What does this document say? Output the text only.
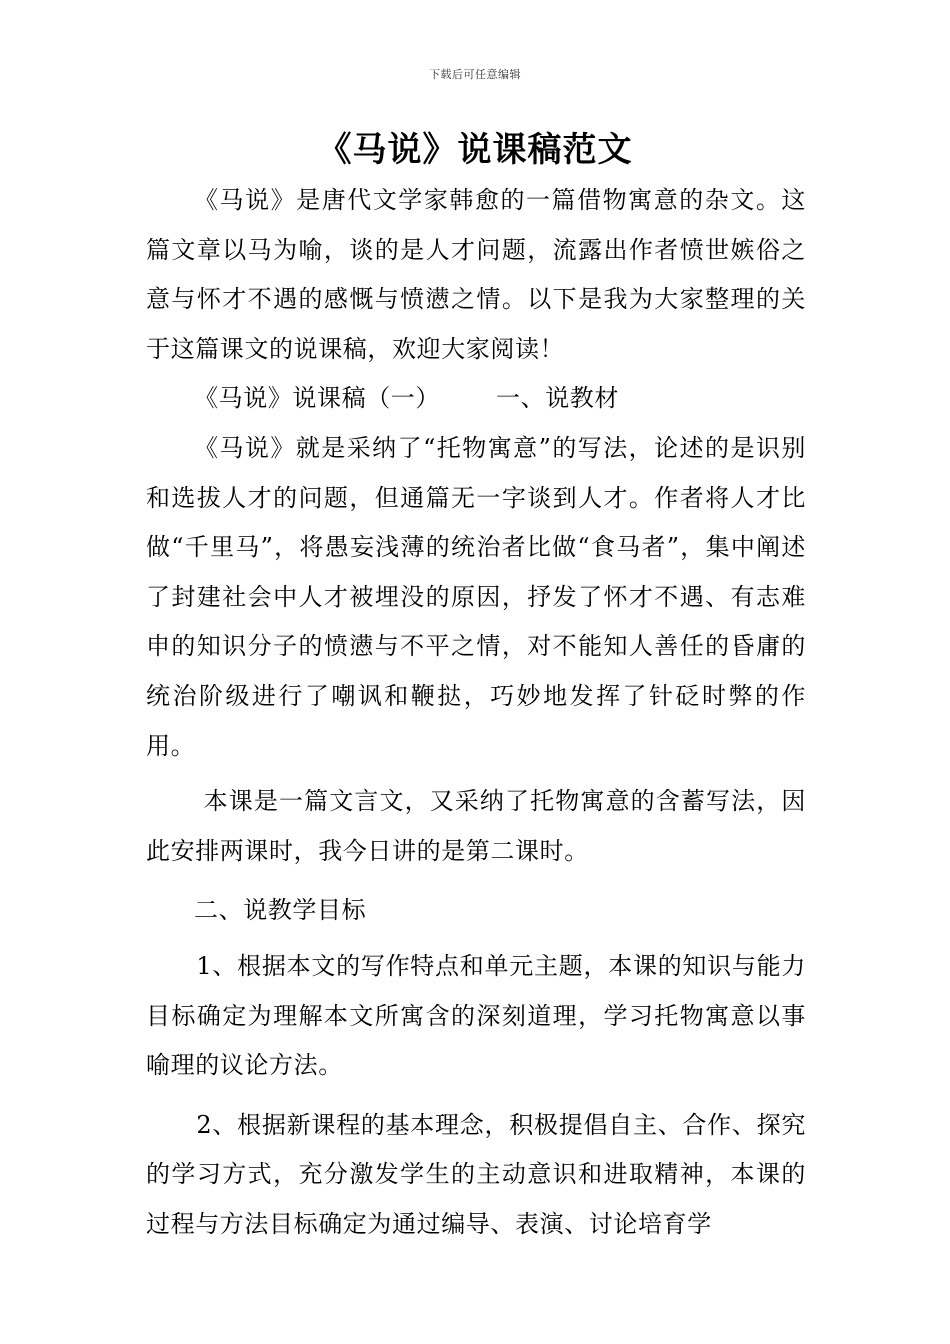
下载后可任意编辑
《马说》说课稿范文

《马说》是唐代文学家韩愈的一篇借物寓意的杂文。这篇文章以马为喻，谈的是人才问题，流露出作者愤世嫉俗之意与怀才不遇的感慨与愤懑之情。以下是我为大家整理的关于这篇课文的说课稿，欢迎大家阅读！

《马说》说课稿（一） 一、说教材

《马说》就是采纳了“托物寓意”的写法，论述的是识别和选拔人才的问题，但通篇无一字谈到人才。作者将人才比做“千里马”，将愚妄浅薄的统治者比做“食马者”，集中阐述了封建社会中人才被埋没的原因，抒发了怀才不遇、有志难申的知识分子的愤懑与不平之情，对不能知人善任的昏庸的统治阶级进行了嘲讽和鞭挞，巧妙地发挥了针砭时弊的作用。

本课是一篇文言文，又采纳了托物寓意的含蓄写法，因此安排两课时，我今日讲的是第二课时。

二、说教学目标

1、根据本文的写作特点和单元主题，本课的知识与能力目标确定为理解本文所寓含的深刻道理，学习托物寓意以事喻理的议论方法。

2、根据新课程的基本理念，积极提倡自主、合作、探究的学习方式，充分激发学生的主动意识和进取精神，本课的过程与方法目标确定为通过编导、表演、讨论培育学
